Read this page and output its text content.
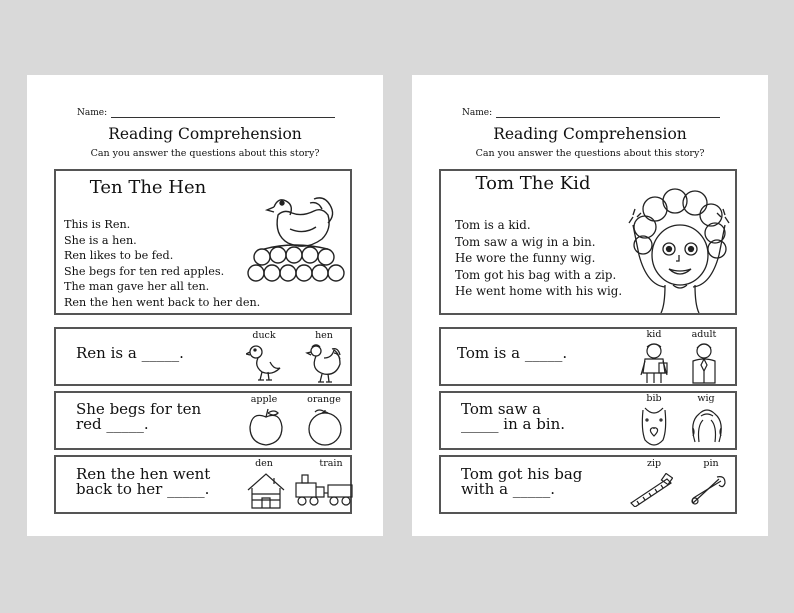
Name:
Reading Comprehension
Can you answer the questions about this story?
Ten The Hen
This is Ren.
She is a hen.
Ren likes to be fed.
She begs for ten red apples.
The man gave her all ten.
Ren the hen went back to her den.
Ren is a _____.
duck	hen
She begs for ten
red _____.
apple	orange
Ren the hen went
back to her _____.
den	train
Name:
Reading Comprehension
Can you answer the questions about this story?
Tom The Kid
Tom is a kid.
Tom saw a wig in a bin.
He wore the funny wig.
Tom got his bag with a zip.
He went home with his wig.
Tom is a _____.
kid	adult
Tom saw a
_____ in a bin.
bib	wig
Tom got his bag
with a _____.
zip	pin
